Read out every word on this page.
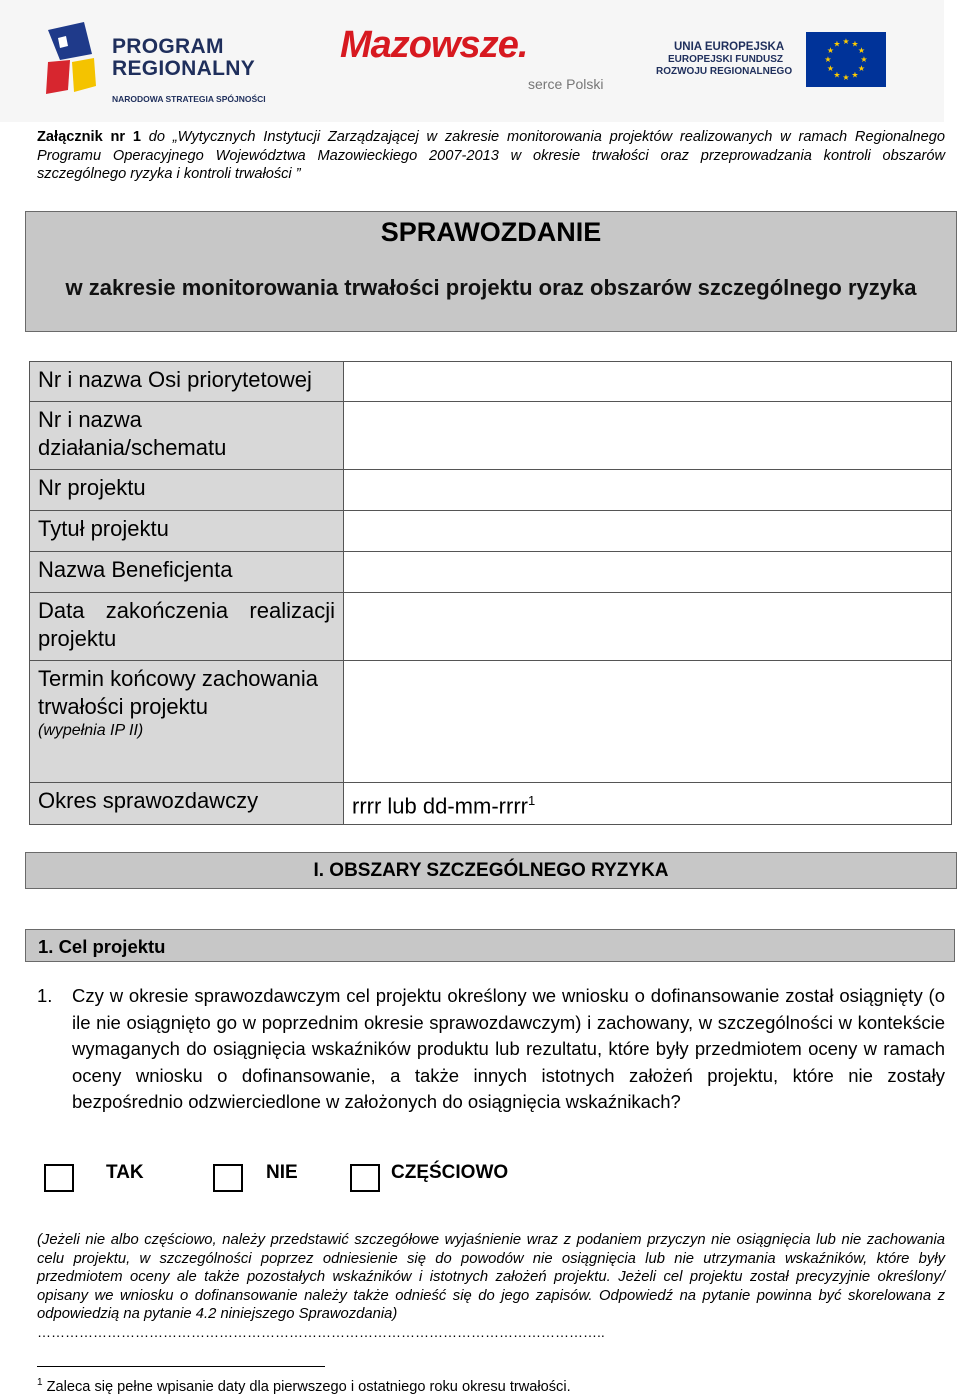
PROGRAM
REGIONALNY
NARODOWA STRATEGIA SPÓJNOŚCI
Mazowsze.
serce Polski
UNIA EUROPEJSKA
EUROPEJSKI FUNDUSZ
ROZWOJU REGIONALNEGO
★ ★
★
★
★
★
★
★
★
★
★
★
Załącznik nr 1 do „Wytycznych Instytucji Zarządzającej w zakresie monitorowania projektów realizowanych w ramach Regionalnego Programu Operacyjnego Województwa Mazowieckiego 2007-2013 w okresie trwałości oraz przeprowadzania kontroli obszarów szczególnego ryzyka i kontroli trwałości ”
SPRAWOZDANIE
w zakresie monitorowania trwałości projektu oraz obszarów szczególnego ryzyka
Nr i nazwa Osi priorytetowej	
Nr i nazwa działania/schematu	
Nr projektu	
Tytuł projektu	
Nazwa Beneficjenta	
Data zakończenia realizacji projektu	
Termin końcowy zachowania trwałości projektu
(wypełnia IP II)	

Okres sprawozdawczy	rrrr lub dd-mm-rrrr$^1$
I. OBSZARY SZCZEGÓLNEGO RYZYKA
1. Cel projektu
1. Czy w okresie sprawozdawczym cel projektu określony we wniosku o dofinansowanie został osiągnięty (o ile nie osiągnięto go w poprzednim okresie sprawozdawczym) i zachowany, w szczególności w kontekście wymaganych do osiągnięcia wskaźników produktu lub rezultatu, które były przedmiotem oceny w ramach oceny wniosku o dofinansowanie, a także innych istotnych założeń projektu, które nie zostały bezpośrednio odzwierciedlone w założonych do osiągnięcia wskaźnikach?
TAK	NIE	CZĘŚCIOWO
(Jeżeli nie albo częściowo, należy przedstawić szczegółowe wyjaśnienie wraz z podaniem przyczyn nie osiągnięcia lub nie zachowania celu projektu, w szczególności poprzez odniesienie się do powodów nie osiągnięcia lub nie utrzymania wskaźników, które były przedmiotem oceny ale także pozostałych wskaźników i istotnych założeń projektu. Jeżeli cel projektu został precyzyjnie określony/ opisany we wniosku o dofinansowanie należy także odnieść się do jego zapisów. Odpowiedź na pytanie powinna być skorelowana z odpowiedzią na pytanie 4.2 niniejszego Sprawozdania)
…………………………………………………………………………………………………………..
$^1$ Zaleca się pełne wpisanie daty dla pierwszego i ostatniego roku okresu trwałości.
